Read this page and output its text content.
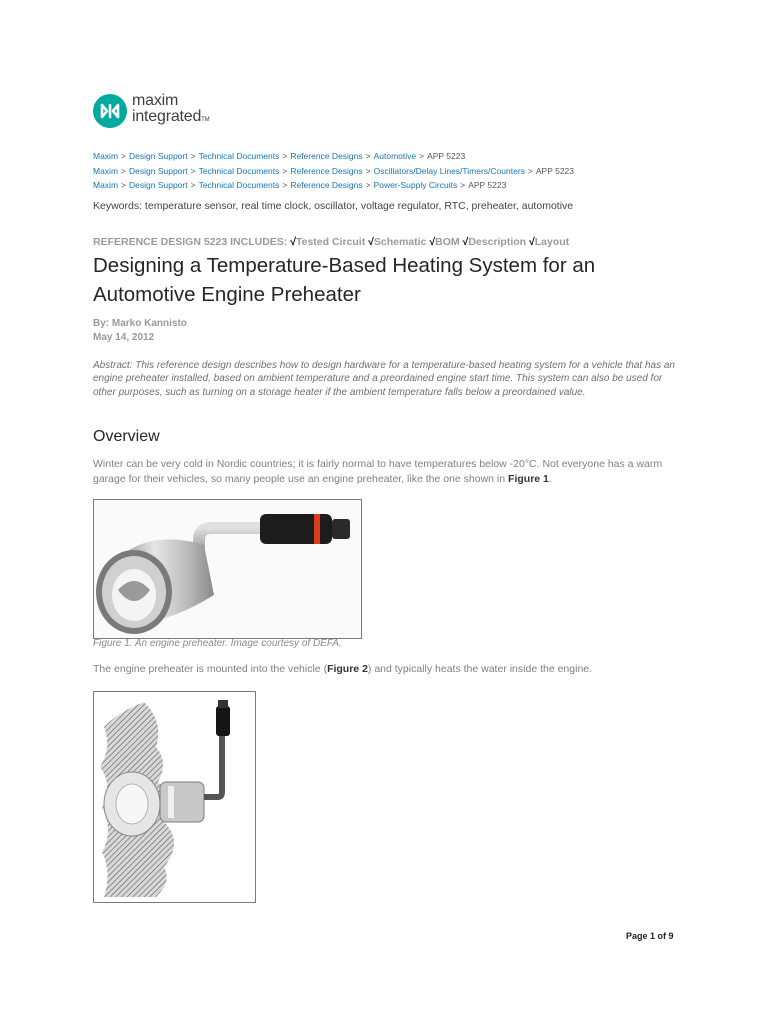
maxim
integratedTM
Maxim > Design Support > Technical Documents > Reference Designs > Automotive > APP 5223
Maxim > Design Support > Technical Documents > Reference Designs > Oscillators/Delay Lines/Timers/Counters > APP 5223
Maxim > Design Support > Technical Documents > Reference Designs > Power-Supply Circuits > APP 5223
Keywords: temperature sensor, real time clock, oscillator, voltage regulator, RTC, preheater, automotive
REFERENCE DESIGN 5223 INCLUDES: √Tested Circuit √Schematic √BOM √Description √Layout
Designing a Temperature-Based Heating System for an Automotive Engine Preheater
By: Marko Kannisto
May 14, 2012

Abstract: This reference design describes how to design hardware for a temperature-based heating system for a vehicle that has an engine preheater installed, based on ambient temperature and a preordained engine start time. This system can also be used for other purposes, such as turning on a storage heater if the ambient temperature falls below a preordained value.

Overview

Winter can be very cold in Nordic countries; it is fairly normal to have temperatures below -20°C. Not everyone has a warm garage for their vehicles, so many people use an engine preheater, like the one shown in Figure 1.

Figure 1. An engine preheater. Image courtesy of DEFA.

The engine preheater is mounted into the vehicle (Figure 2) and typically heats the water inside the engine.

Page 1 of 9
